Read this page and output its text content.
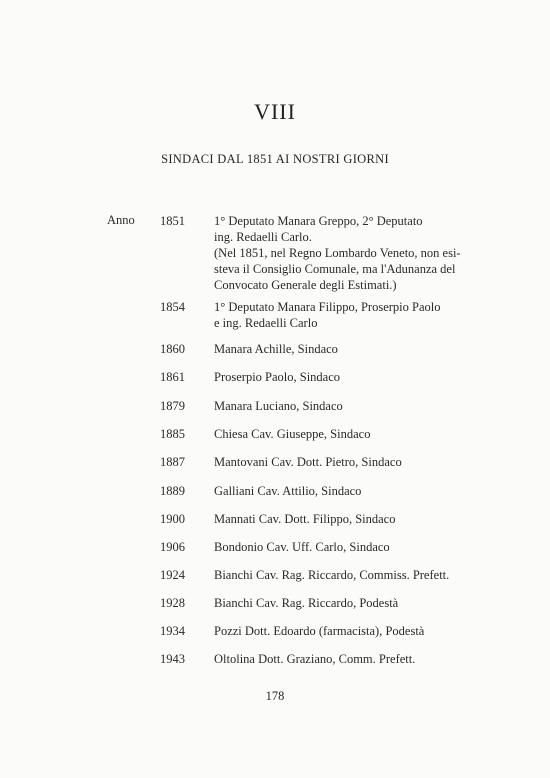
VIII
SINDACI DAL 1851 AI NOSTRI GIORNI
Anno 1851	1° Deputato Manara Greppo, 2° Deputato
ing. Redaelli Carlo.
(Nel 1851, nel Regno Lombardo Veneto, non esi-
steva il Consiglio Comunale, ma l'Adunanza del
Convocato Generale degli Estimati.)
1854	1° Deputato Manara Filippo, Proserpio Paolo
e ing. Redaelli Carlo
1860	Manara Achille, Sindaco
1861	Proserpio Paolo, Sindaco
1879	Manara Luciano, Sindaco
1885	Chiesa Cav. Giuseppe, Sindaco
1887	Mantovani Cav. Dott. Pietro, Sindaco
1889	Galliani Cav. Attilio, Sindaco
1900	Mannati Cav. Dott. Filippo, Sindaco
1906	Bondonio Cav. Uff. Carlo, Sindaco
1924	Bianchi Cav. Rag. Riccardo, Commiss. Prefett.
1928	Bianchi Cav. Rag. Riccardo, Podestà
1934	Pozzi Dott. Edoardo (farmacista), Podestà
1943	Oltolina Dott. Graziano, Comm. Prefett.
178
